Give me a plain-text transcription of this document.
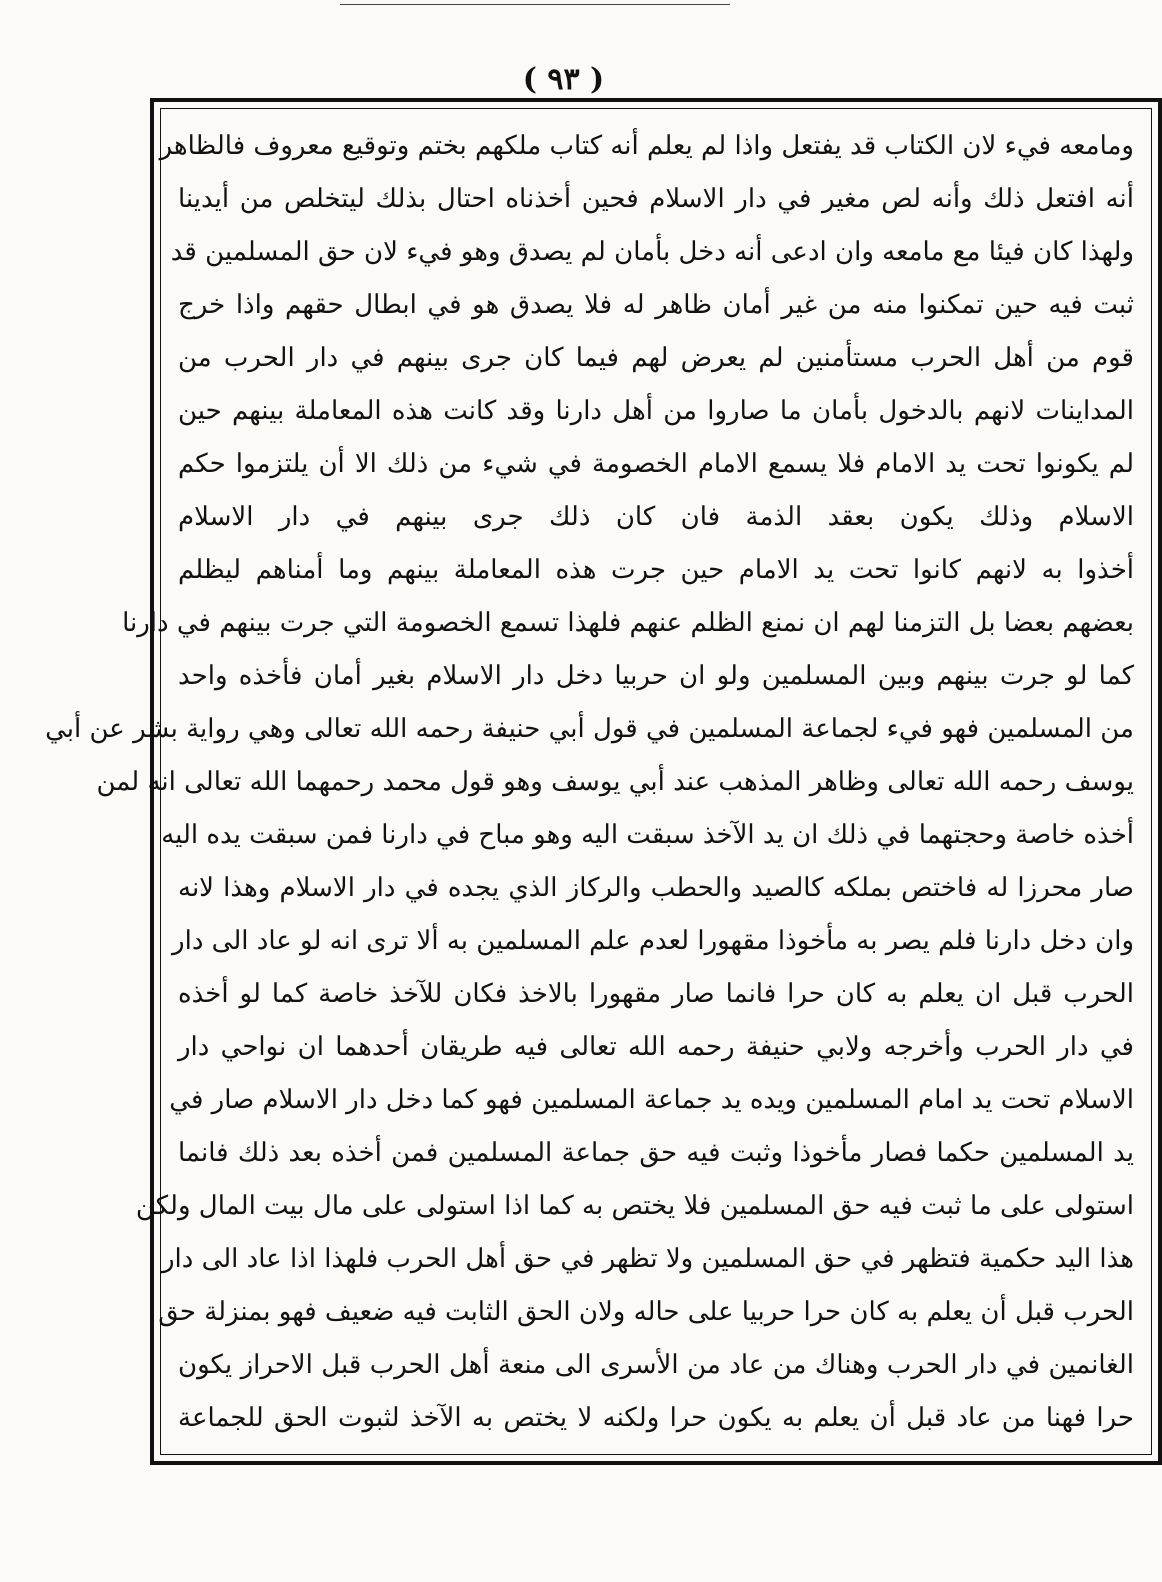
( ٩٣ )
ومامعه فيء لان الكتاب قد يفتعل واذا لم يعلم أنه كتاب ملكهم بختم وتوقيع معروف فالظاهر
أنه افتعل ذلك وأنه لص مغير في دار الاسلام فحين أخذناه احتال بذلك ليتخلص من أيدينا
ولهذا كان فيئا مع مامعه وان ادعى أنه دخل بأمان لم يصدق وهو فيء لان حق المسلمين قد
ثبت فيه حين تمكنوا منه من غير أمان ظاهر له فلا يصدق هو في ابطال حقهم واذا خرج
قوم من أهل الحرب مستأمنين لم يعرض لهم فيما كان جرى بينهم في دار الحرب من
المداينات لانهم بالدخول بأمان ما صاروا من أهل دارنا وقد كانت هذه المعاملة بينهم حين
لم يكونوا تحت يد الامام فلا يسمع الامام الخصومة في شيء من ذلك الا أن يلتزموا حكم
الاسلام وذلك يكون بعقد الذمة فان كان ذلك جرى بينهم في دار الاسلام
أخذوا به لانهم كانوا تحت يد الامام حين جرت هذه المعاملة بينهم وما أمناهم ليظلم
بعضهم بعضا بل التزمنا لهم ان نمنع الظلم عنهم فلهذا تسمع الخصومة التي جرت بينهم في دارنا
كما لو جرت بينهم وبين المسلمين ولو ان حربيا دخل دار الاسلام بغير أمان فأخذه واحد
من المسلمين فهو فيء لجماعة المسلمين في قول أبي حنيفة رحمه الله تعالى وهي رواية بشر عن أبي
يوسف رحمه الله تعالى وظاهر المذهب عند أبي يوسف وهو قول محمد رحمهما الله تعالى انه لمن
أخذه خاصة وحجتهما في ذلك ان يد الآخذ سبقت اليه وهو مباح في دارنا فمن سبقت يده اليه
صار محرزا له فاختص بملكه كالصيد والحطب والركاز الذي يجده في دار الاسلام وهذا لانه
وان دخل دارنا فلم يصر به مأخوذا مقهورا لعدم علم المسلمين به ألا ترى انه لو عاد الى دار
الحرب قبل ان يعلم به كان حرا فانما صار مقهورا بالاخذ فكان للآخذ خاصة كما لو أخذه
في دار الحرب وأخرجه ولابي حنيفة رحمه الله تعالى فيه طريقان أحدهما ان نواحي دار
الاسلام تحت يد امام المسلمين ويده يد جماعة المسلمين فهو كما دخل دار الاسلام صار في
يد المسلمين حكما فصار مأخوذا وثبت فيه حق جماعة المسلمين فمن أخذه بعد ذلك فانما
استولى على ما ثبت فيه حق المسلمين فلا يختص به كما اذا استولى على مال بيت المال ولكن
هذا اليد حكمية فتظهر في حق المسلمين ولا تظهر في حق أهل الحرب فلهذا اذا عاد الى دار
الحرب قبل أن يعلم به كان حرا حربيا على حاله ولان الحق الثابت فيه ضعيف فهو بمنزلة حق
الغانمين في دار الحرب وهناك من عاد من الأسرى الى منعة أهل الحرب قبل الاحراز يكون
حرا فهنا من عاد قبل أن يعلم به يكون حرا ولكنه لا يختص به الآخذ لثبوت الحق للجماعة
